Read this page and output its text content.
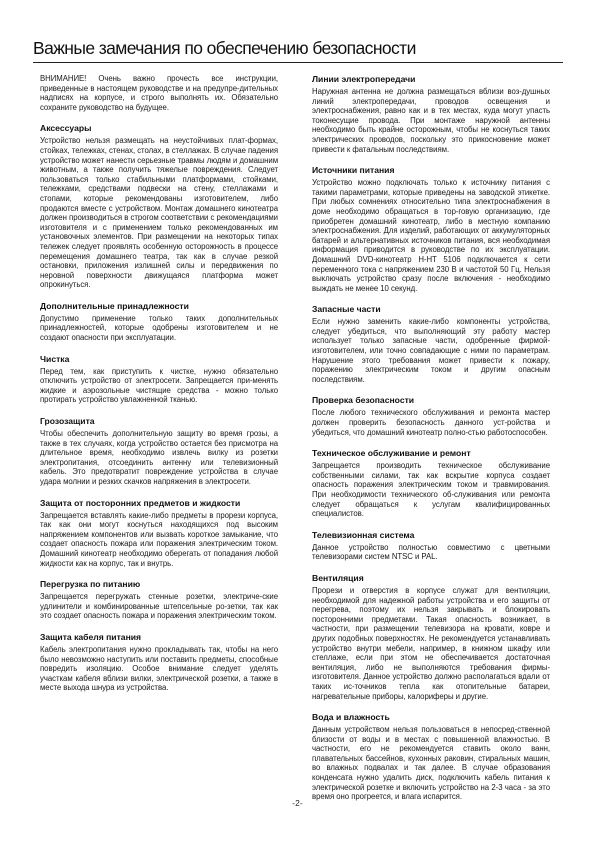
Важные замечания по обеспечению безопасности

ВНИМАНИЕ! Очень важно прочесть все инструкции, приведенные в настоящем руководстве и на предупре-дительных надписях на корпусе, и строго выполнять их. Обязательно сохраните руководство на будущее.

Аксессуары

Устройство нельзя размещать на неустойчивых плат-формах, стойках, тележках, стенах, столах, в стеллажах. В случае падения устройство может нанести серьезные травмы людям и домашним животным, а также получить тяжелые повреждения. Следует пользоваться только стабильными платформами, стойками, тележками, средствами подвески на стену, стеллажами и стопами, которые рекомендованы изготовителем, либо продаются вместе с устройством. Монтаж домашнего кинотеатра должен производиться в строгом соответствии с рекомендациями изготовителя и с применением только рекомендованных им установочных элементов. При размещении на некоторых типах тележек следует проявлять особенную осторожность в процессе перемещения домашнего театра, так как в случае резкой остановки, приложения излишней силы и передвижения по неровной поверхности движущаяся платформа может опрокинуться.

Дополнительные принадлежности

Допустимо применение только таких дополнительных принадлежностей, которые одобрены изготовителем и не создают опасности при эксплуатации.

Чистка

Перед тем, как приступить к чистке, нужно обязательно отключить устройство от электросети. Запрещается при-менять жидкие и аэрозольные чистящие средства - можно только протирать устройство увлажненной тканью.

Грозозащита

Чтобы обеспечить дополнительную защиту во время грозы, а также в тех случаях, когда устройство остается без присмотра на длительное время, необходимо извлечь вилку из розетки электропитания, отсоединить антенну или телевизионный кабель. Это предотвратит повреждение устройства в случае удара молнии и резких скачков напряжения в электросети.

Защита от посторонних предметов и жидкости

Запрещается вставлять какие-либо предметы в прорези корпуса, так как они могут коснуться находящихся под высоким напряжением компонентов или вызвать короткое замыкание, что создает опасность пожара или поражения электрическим током. Домашний кинотеатр необходимо оберегать от попадания любой жидкости как на корпус, так и внутрь.

Перегрузка по питанию

Запрещается перегружать стенные розетки, электриче-ские удлинители и комбинированные штепсельные ро-зетки, так как это создает опасность пожара и поражения электрическим током.

Защита кабеля питания

Кабель электропитания нужно прокладывать так, чтобы на него было невозможно наступить или поставить предметы, способные повредить изоляцию. Особое внимание следует уделять участкам кабеля вблизи вилки, электрической розетки, а также в месте выхода шнура из устройства.

Линии электропередачи

Наружная антенна не должна размещаться вблизи воз-душных линий электропередачи, проводов освещения и электроснабжения, равно как и в тех местах, куда могут упасть токонесущие провода. При монтаже наружной антенны необходимо быть крайне осторожным, чтобы не коснуться таких электрических проводов, поскольку это прикосновение может привести к фатальным последствиям.

Источники питания

Устройство можно подключать только к источнику питания с такими параметрами, которые приведены на заводской этикетке. При любых сомнениях относительно типа электроснабжения в доме необходимо обращаться в тор-говую организацию, где приобретен домашний кинотеатр, либо в местную компанию электроснабжения. Для изделий, работающих от аккумуляторных батарей и альтернативных источников питания, вся необходимая информация приводится в руководстве по их эксплуатации. Домашний DVD-кинотеатр H-HT 5106 подключается к сети переменного тока с напряжением 230 В и частотой 50 Гц. Нельзя выключать устройство сразу после включения - необходимо выждать не менее 10 секунд.

Запасные части

Если нужно заменить какие-либо компоненты устройства, следует убедиться, что выполняющий эту работу мастер использует только запасные части, одобренные фирмой-изготовителем, или точно совпадающие с ними по параметрам. Нарушение этого требования может привести к пожару, поражению электрическим током и другим опасным последствиям.

Проверка безопасности

После любого технического обслуживания и ремонта мастер должен проверить безопасность данного уст-ройства и убедиться, что домашний кинотеатр полно-стью работоспособен.

Техническое обслуживание и ремонт

Запрещается производить техническое обслуживание собственными силами, так как вскрытие корпуса создает опасность поражения электрическим током и травмирования. При необходимости технического об-служивания или ремонта следует обращаться к услугам квалифицированных специалистов.

Телевизионная система

Данное устройство полностью совместимо с цветными телевизорами систем NTSC и PAL.

Вентиляция

Прорези и отверстия в корпусе служат для вентиляции, необходимой для надежной работы устройства и его защиты от перегрева, поэтому их нельзя закрывать и блокировать посторонними предметами. Такая опасность возникает, в частности, при размещении телевизора на кровати, ковре и других подобных поверхностях. Не рекомендуется устанавливать устройство внутри мебели, например, в книжном шкафу или стеллаже, если при этом не обеспечивается достаточная вентиляция, либо не выполняются требования фирмы-изготовителя. Данное устройство должно располагаться вдали от таких ис-точников тепла как отопительные батареи, нагревательные приборы, калориферы и другие.

Вода и влажность

Данным устройством нельзя пользоваться в непосред-ственной близости от воды и в местах с повышенной влажностью. В частности, его не рекомендуется ставить около ванн, плавательных бассейнов, кухонных раковин, стиральных машин, во влажных подвалах и так далее. В случае образования конденсата нужно удалить диск, подключить кабель питания к электрической розетке и включить устройство на 2-3 часа - за это время оно прогреется, и влага испарится.

-2-
